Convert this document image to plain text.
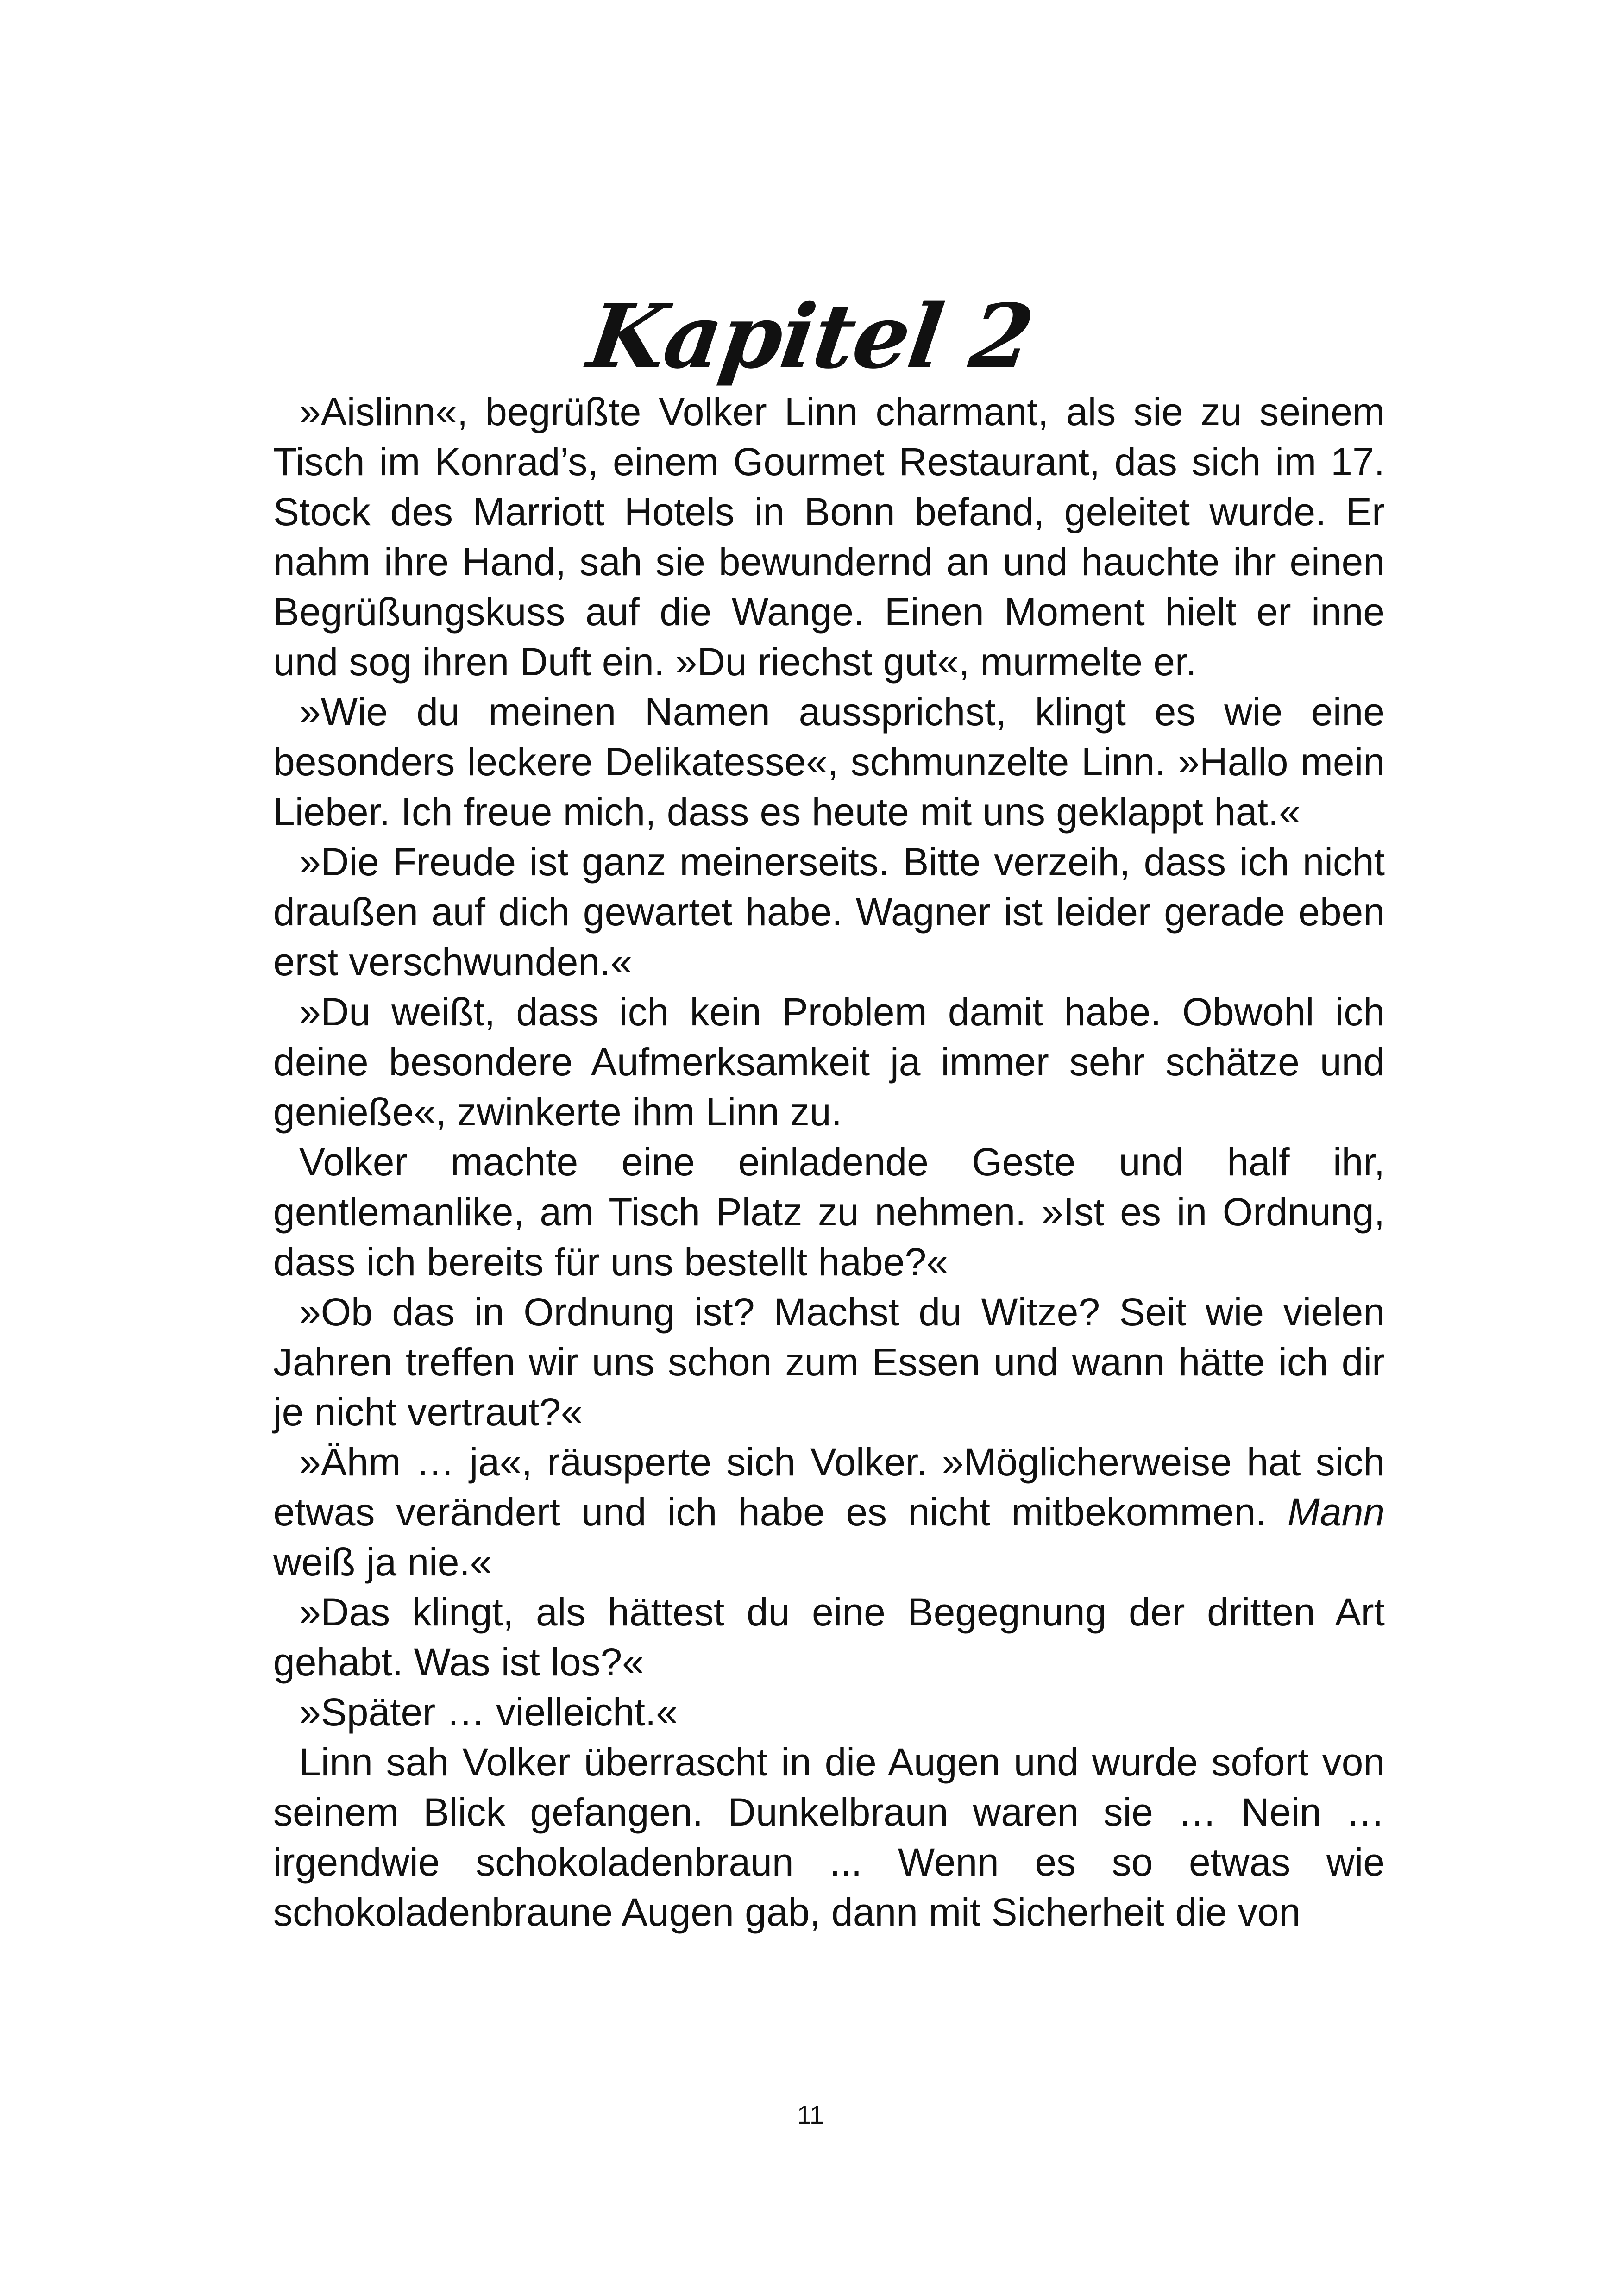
Kapitel 2

»Aislinn«, begrüßte Volker Linn charmant, als sie zu seinem Tisch im Konrad’s, einem Gourmet Restaurant, das sich im 17. Stock des Marriott Hotels in Bonn befand, geleitet wurde. Er nahm ihre Hand, sah sie bewundernd an und hauchte ihr einen Begrüßungskuss auf die Wange. Einen Moment hielt er inne und sog ihren Duft ein. »Du riechst gut«, murmelte er.

»Wie du meinen Namen aussprichst, klingt es wie eine besonders leckere Delikatesse«, schmunzelte Linn. »Hallo mein Lieber. Ich freue mich, dass es heute mit uns geklappt hat.«

»Die Freude ist ganz meinerseits. Bitte verzeih, dass ich nicht draußen auf dich gewartet habe. Wagner ist leider gerade eben erst verschwunden.«

»Du weißt, dass ich kein Problem damit habe. Obwohl ich deine besondere Aufmerksamkeit ja immer sehr schätze und genieße«, zwinkerte ihm Linn zu.

Volker machte eine einladende Geste und half ihr, gentlemanlike, am Tisch Platz zu nehmen. »Ist es in Ordnung, dass ich bereits für uns bestellt habe?«

»Ob das in Ordnung ist? Machst du Witze? Seit wie vielen Jahren treffen wir uns schon zum Essen und wann hätte ich dir je nicht vertraut?«

»Ähm … ja«, räusperte sich Volker. »Möglicherweise hat sich etwas verändert und ich habe es nicht mitbekommen. Mann weiß ja nie.«

»Das klingt, als hättest du eine Begegnung der dritten Art gehabt. Was ist los?«

»Später … vielleicht.«

Linn sah Volker überrascht in die Augen und wurde sofort von seinem Blick gefangen. Dunkelbraun waren sie … Nein … irgendwie schokoladenbraun ... Wenn es so etwas wie schokoladenbraune Augen gab, dann mit Sicherheit die von

11
